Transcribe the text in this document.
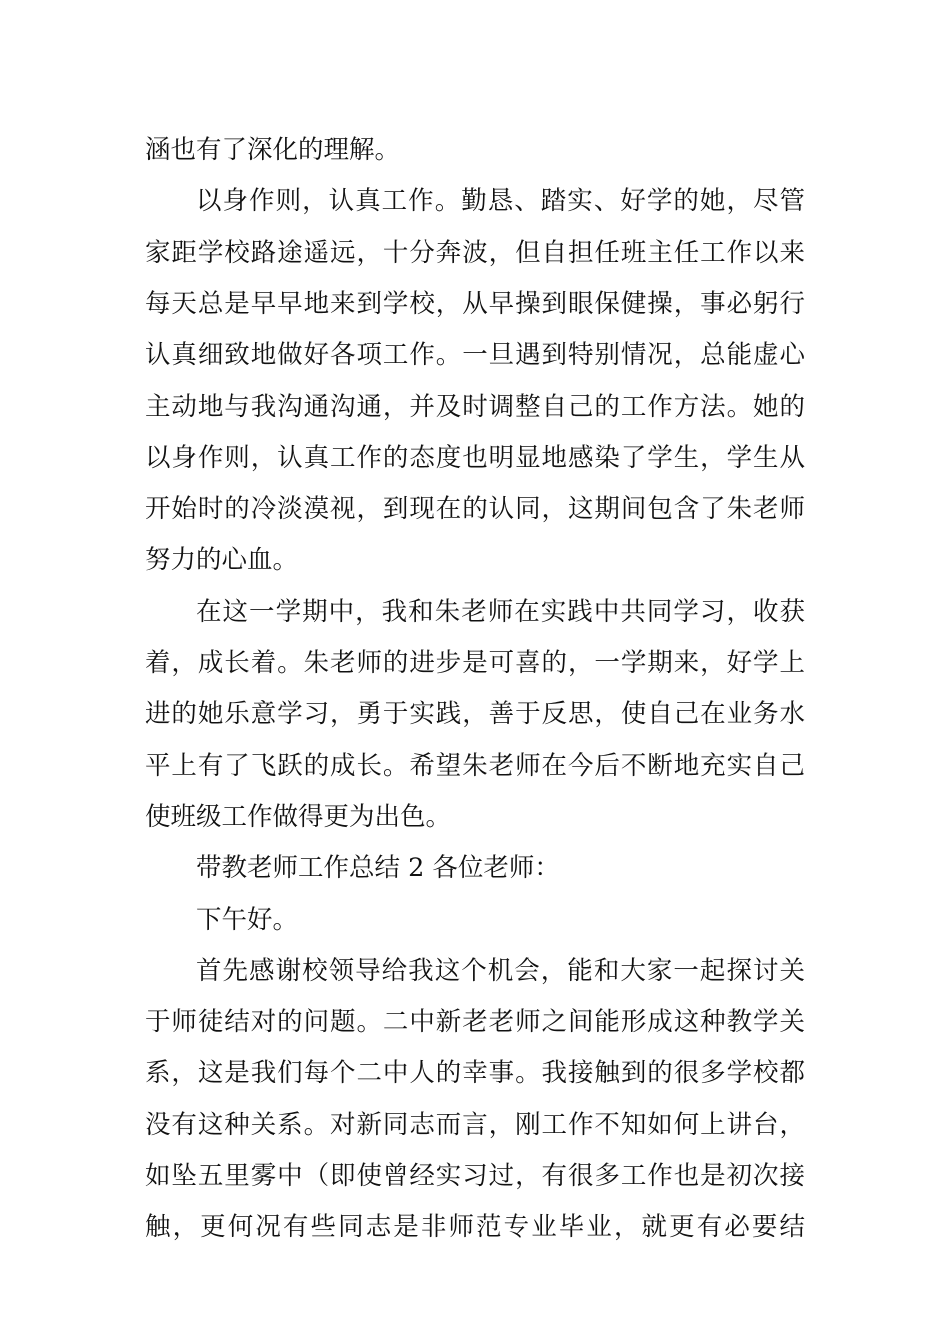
涵也有了深化的理解。
以身作则，认真工作。勤恳、踏实、好学的她，尽管
家距学校路途遥远，十分奔波，但自担任班主任工作以来
每天总是早早地来到学校，从早操到眼保健操，事必躬行
认真细致地做好各项工作。一旦遇到特别情况，总能虚心
主动地与我沟通沟通，并及时调整自己的工作方法。她的
以身作则，认真工作的态度也明显地感染了学生，学生从
开始时的冷淡漠视，到现在的认同，这期间包含了朱老师
努力的心血。
在这一学期中，我和朱老师在实践中共同学习，收获
着，成长着。朱老师的进步是可喜的，一学期来，好学上
进的她乐意学习，勇于实践，善于反思，使自己在业务水
平上有了飞跃的成长。希望朱老师在今后不断地充实自己
使班级工作做得更为出色。
带教老师工作总结 2 各位老师：
下午好。
首先感谢校领导给我这个机会，能和大家一起探讨关
于师徒结对的问题。二中新老老师之间能形成这种教学关
系，这是我们每个二中人的幸事。我接触到的很多学校都
没有这种关系。对新同志而言，刚工作不知如何上讲台，
如坠五里雾中（即使曾经实习过，有很多工作也是初次接
触，更何况有些同志是非师范专业毕业，就更有必要结
